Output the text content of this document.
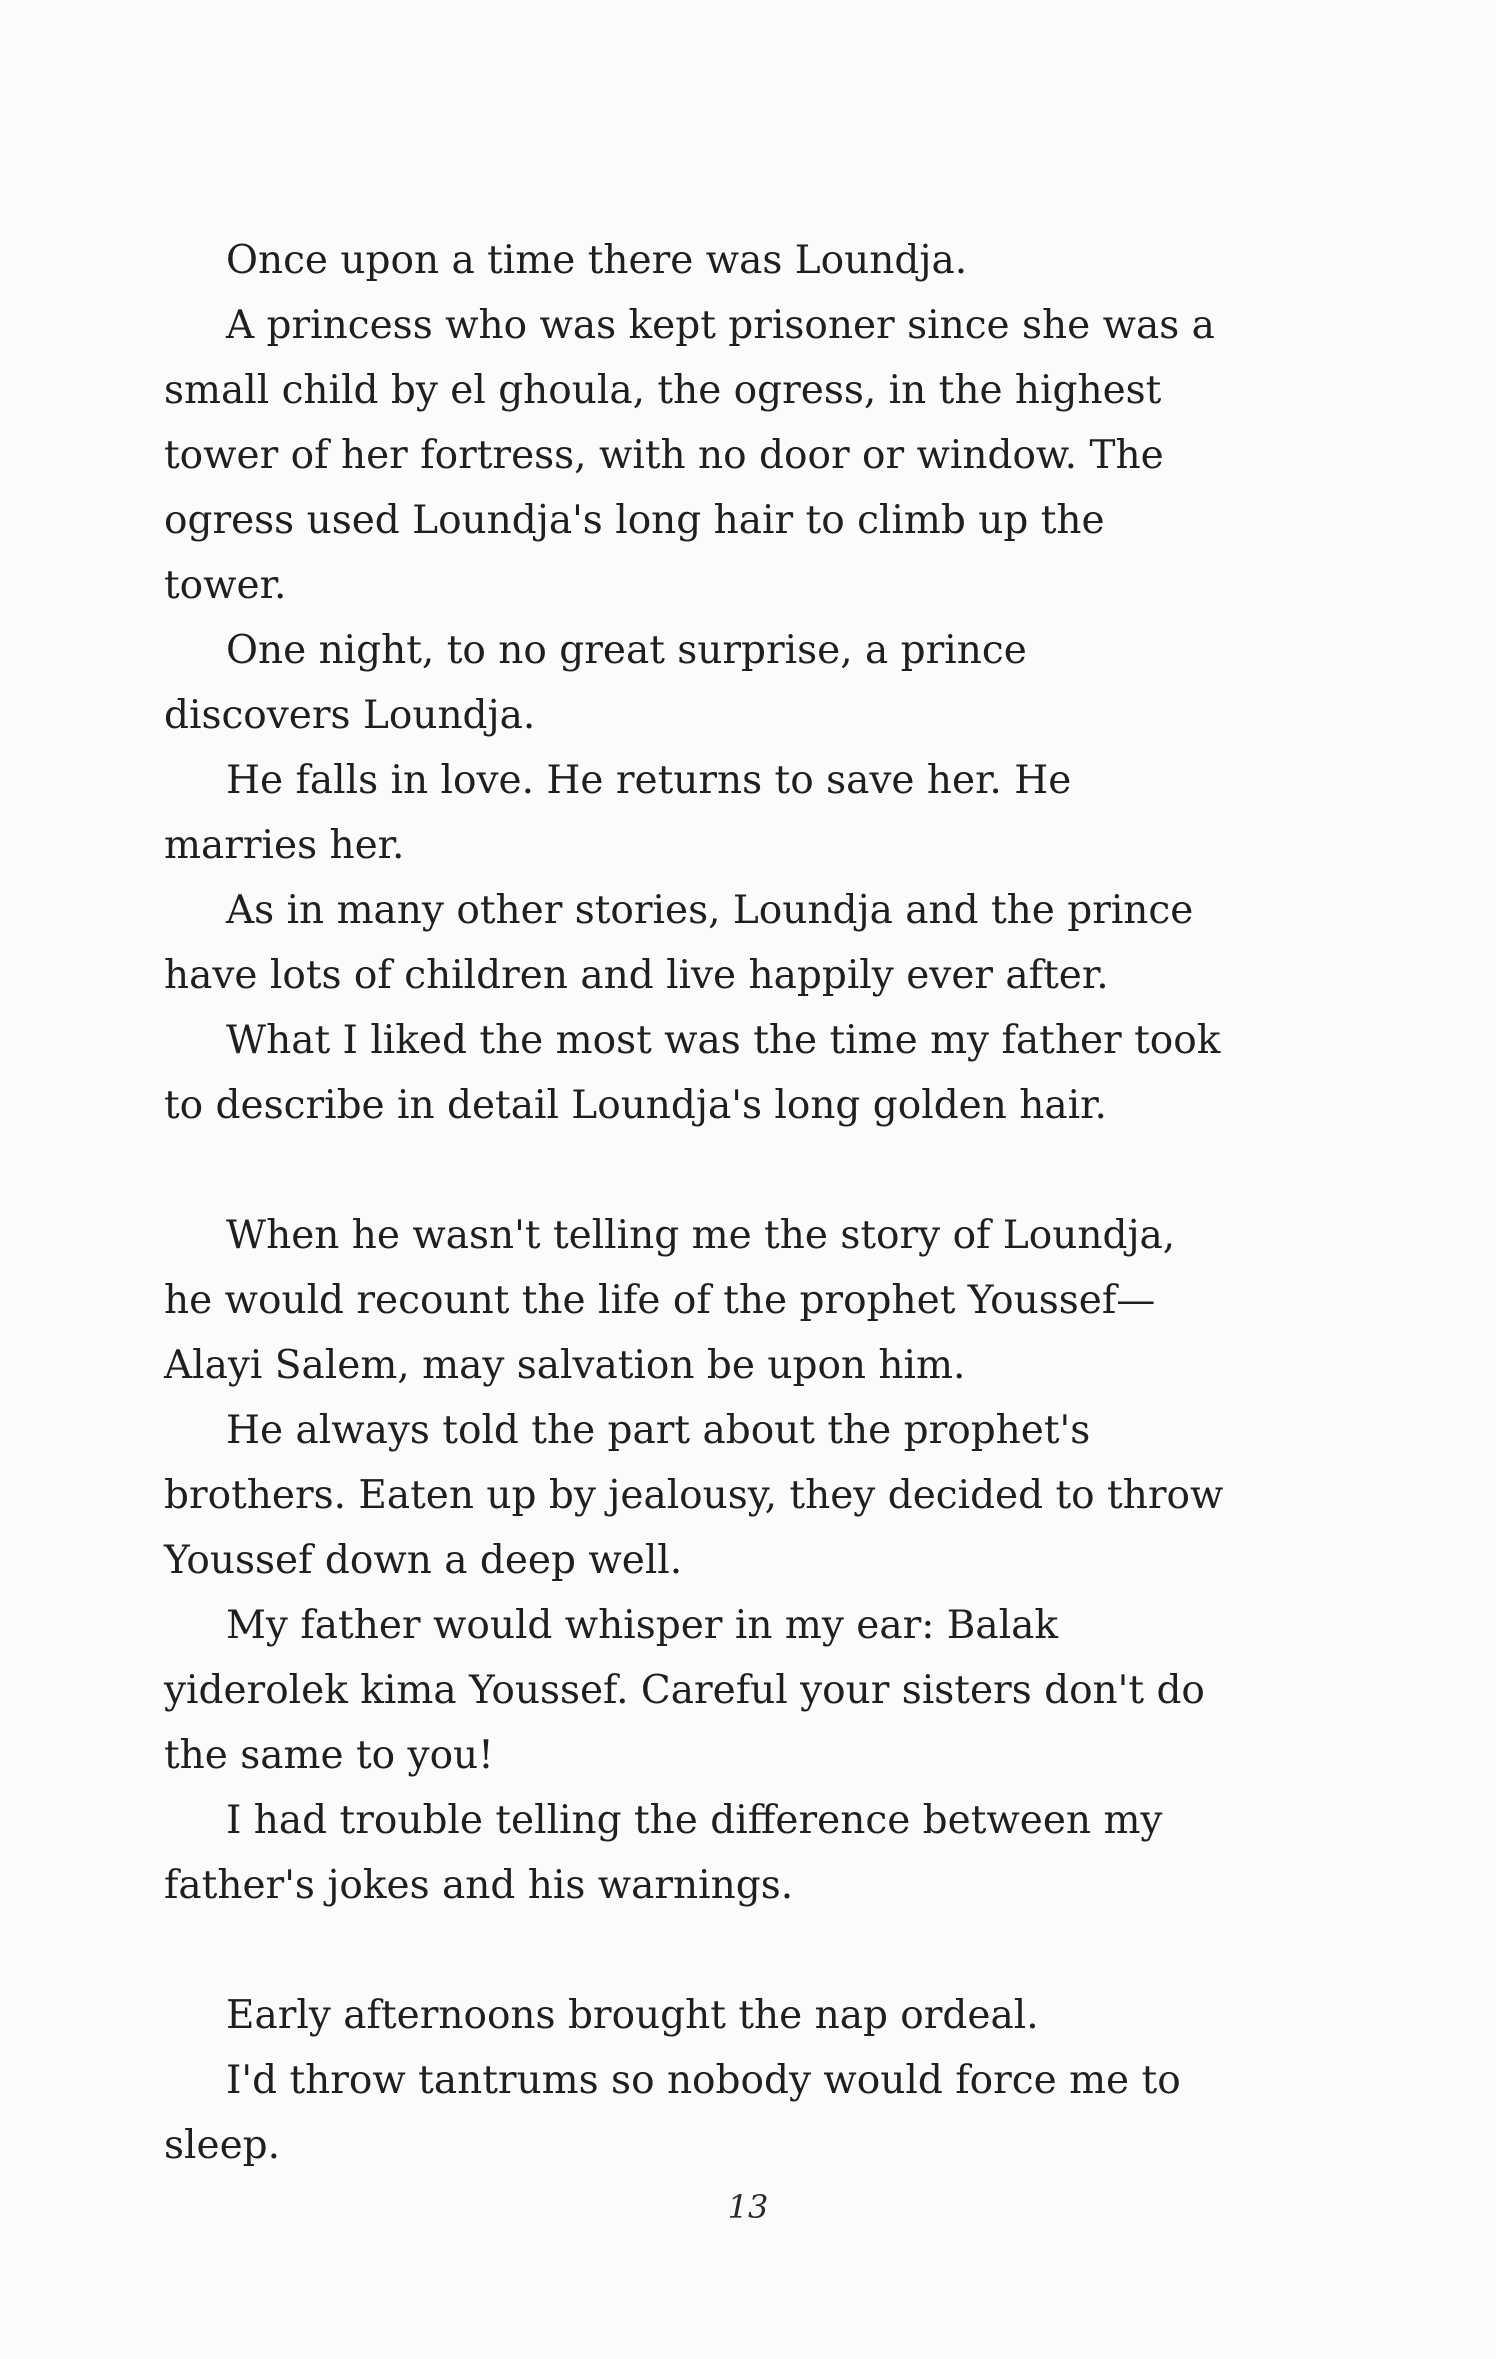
Once upon a time there was Loundja.

A princess who was kept prisoner since she was a small child by el ghoula, the ogress, in the highest tower of her fortress, with no door or window. The ogress used Loundja's long hair to climb up the tower.

One night, to no great surprise, a prince discovers Loundja.

He falls in love. He returns to save her. He marries her.

As in many other stories, Loundja and the prince have lots of children and live happily ever after.

What I liked the most was the time my father took to describe in detail Loundja's long golden hair.

When he wasn't telling me the story of Loundja, he would recount the life of the prophet Youssef—Alayi Salem, may salvation be upon him.

He always told the part about the prophet's brothers. Eaten up by jealousy, they decided to throw Youssef down a deep well.

My father would whisper in my ear: Balak yiderolek kima Youssef. Careful your sisters don't do the same to you!

I had trouble telling the difference between my father's jokes and his warnings.

Early afternoons brought the nap ordeal.

I'd throw tantrums so nobody would force me to sleep.

13
